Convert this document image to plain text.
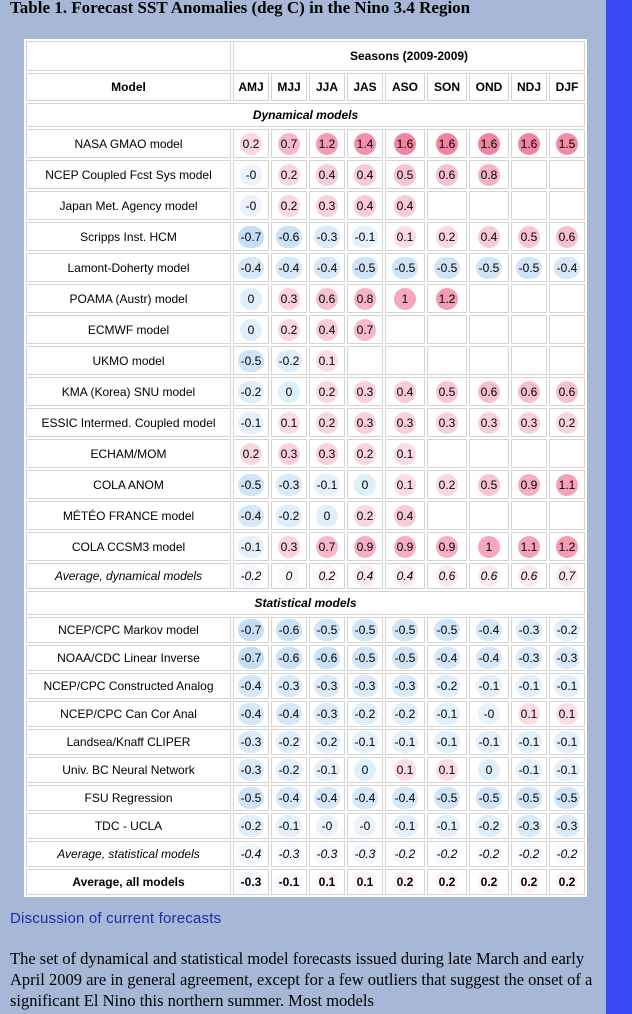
Table 1. Forecast SST Anomalies (deg C) in the Nino 3.4 Region
	Seasons (2009-2009)								
Model	AMJ	MJJ	JJA	JAS	ASO	SON	OND	NDJ	DJF
Dynamical models									
NASA GMAO model	0.2	0.7	1.2	1.4	1.6	1.6	1.6	1.6	1.5
NCEP Coupled Fcst Sys model	-0	0.2	0.4	0.4	0.5	0.6	0.8		
Japan Met. Agency model	-0	0.2	0.3	0.4	0.4				
Scripps Inst. HCM	-0.7	-0.6	-0.3	-0.1	0.1	0.2	0.4	0.5	0.6
Lamont-Doherty model	-0.4	-0.4	-0.4	-0.5	-0.5	-0.5	-0.5	-0.5	-0.4
POAMA (Austr) model	0	0.3	0.6	0.8	1	1.2			
ECMWF model	0	0.2	0.4	0.7					
UKMO model	-0.5	-0.2	0.1						
KMA (Korea) SNU model	-0.2	0	0.2	0.3	0.4	0.5	0.6	0.6	0.6
ESSIC Intermed. Coupled model	-0.1	0.1	0.2	0.3	0.3	0.3	0.3	0.3	0.2
ECHAM/MOM	0.2	0.3	0.3	0.2	0.1				
COLA ANOM	-0.5	-0.3	-0.1	0	0.1	0.2	0.5	0.9	1.1
MÉTÉO FRANCE model	-0.4	-0.2	0	0.2	0.4				
COLA CCSM3 model	-0.1	0.3	0.7	0.9	0.9	0.9	1	1.1	1.2
Average, dynamical models	-0.2	0	0.2	0.4	0.4	0.6	0.6	0.6	0.7
Statistical models									
NCEP/CPC Markov model	-0.7	-0.6	-0.5	-0.5	-0.5	-0.5	-0.4	-0.3	-0.2
NOAA/CDC Linear Inverse	-0.7	-0.6	-0.6	-0.5	-0.5	-0.4	-0.4	-0.3	-0.3
NCEP/CPC Constructed Analog	-0.4	-0.3	-0.3	-0.3	-0.3	-0.2	-0.1	-0.1	-0.1
NCEP/CPC Can Cor Anal	-0.4	-0.4	-0.3	-0.2	-0.2	-0.1	-0	0.1	0.1
Landsea/Knaff CLIPER	-0.3	-0.2	-0.2	-0.1	-0.1	-0.1	-0.1	-0.1	-0.1
Univ. BC Neural Network	-0.3	-0.2	-0.1	0	0.1	0.1	0	-0.1	-0.1
FSU Regression	-0.5	-0.4	-0.4	-0.4	-0.4	-0.5	-0.5	-0.5	-0.5
TDC - UCLA	-0.2	-0.1	-0	-0	-0.1	-0.1	-0.2	-0.3	-0.3
Average, statistical models	-0.4	-0.3	-0.3	-0.3	-0.2	-0.2	-0.2	-0.2	-0.2
Average, all models	-0.3	-0.1	0.1	0.1	0.2	0.2	0.2	0.2	0.2
Discussion of current forecasts
The set of dynamical and statistical model forecasts issued during late March and early April 2009 are in general agreement, except for a few outliers that suggest the onset of a significant El Nino this northern summer. Most models
